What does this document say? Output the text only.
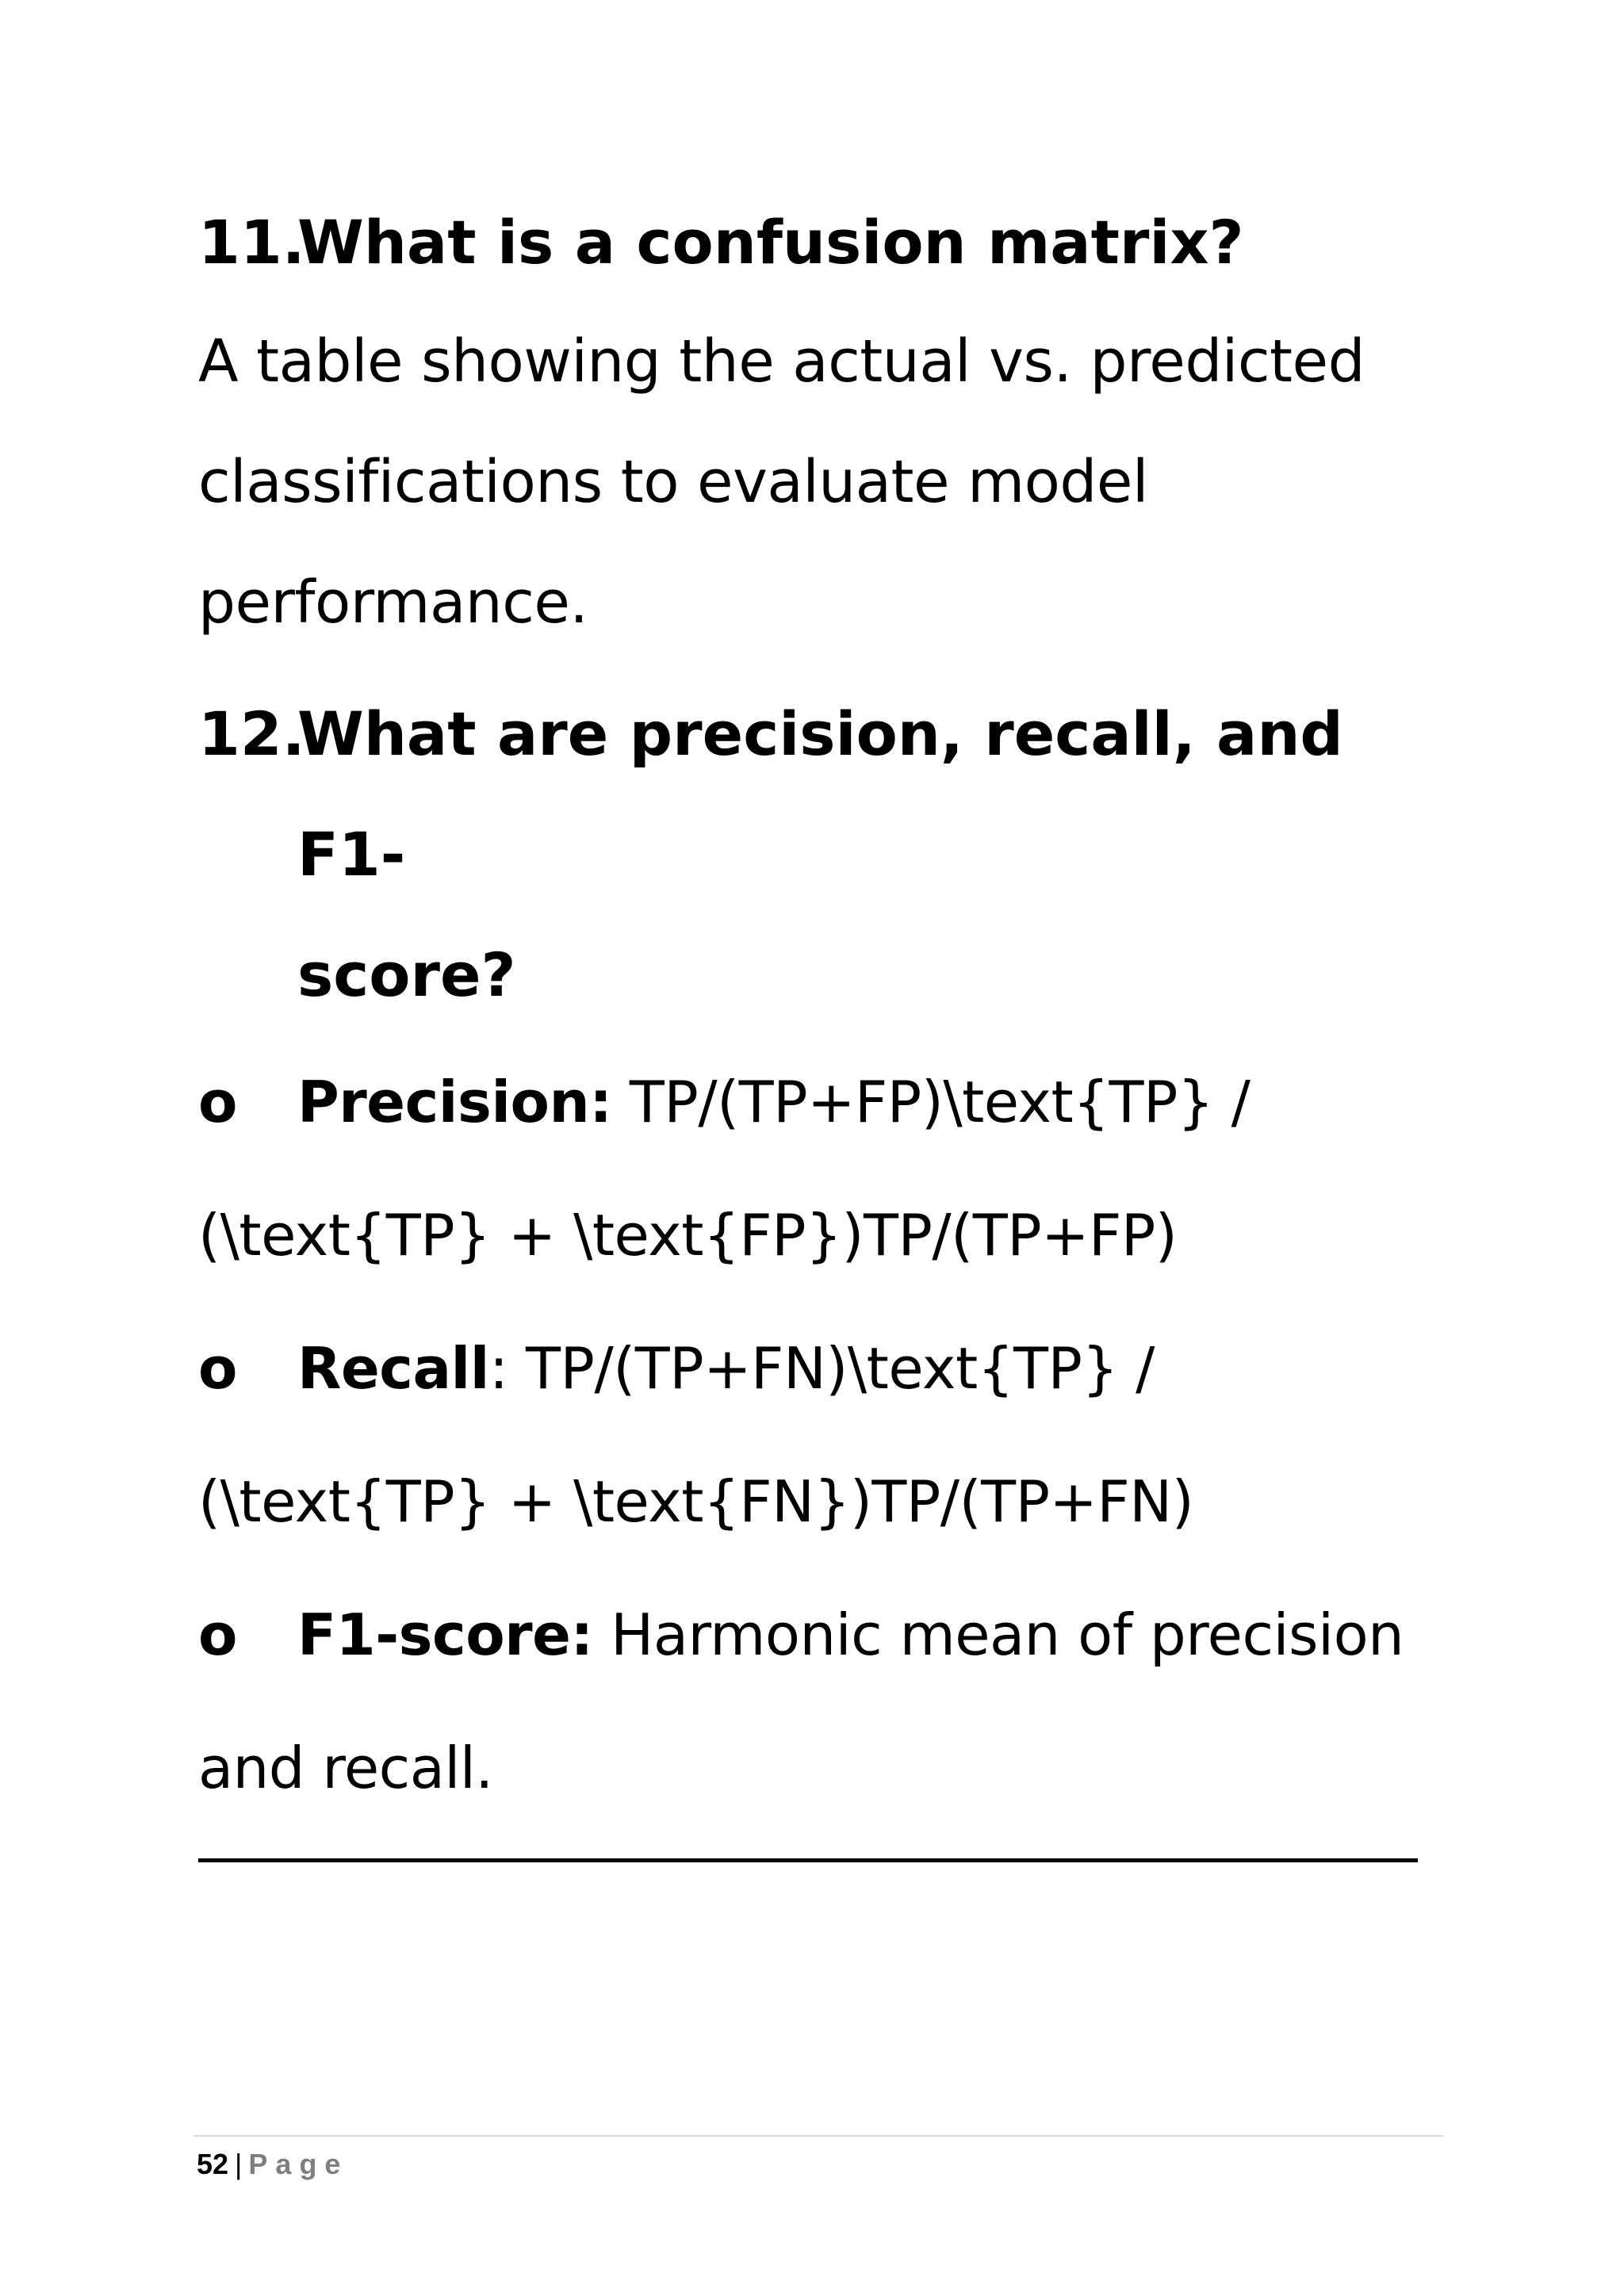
11.
What is a confusion matrix?

A table showing the actual vs. predicted classifications to evaluate model performance.

12.
What are precision, recall, and F1-
score?

o Precision: TP/(TP+FP)\text{TP} / (\text{TP} + \text{FP})TP/(TP+FP)

o Recall: TP/(TP+FN)\text{TP} / (\text{TP} + \text{FN})TP/(TP+FN)

o F1-score: Harmonic mean of precision and recall.

52 | Page
